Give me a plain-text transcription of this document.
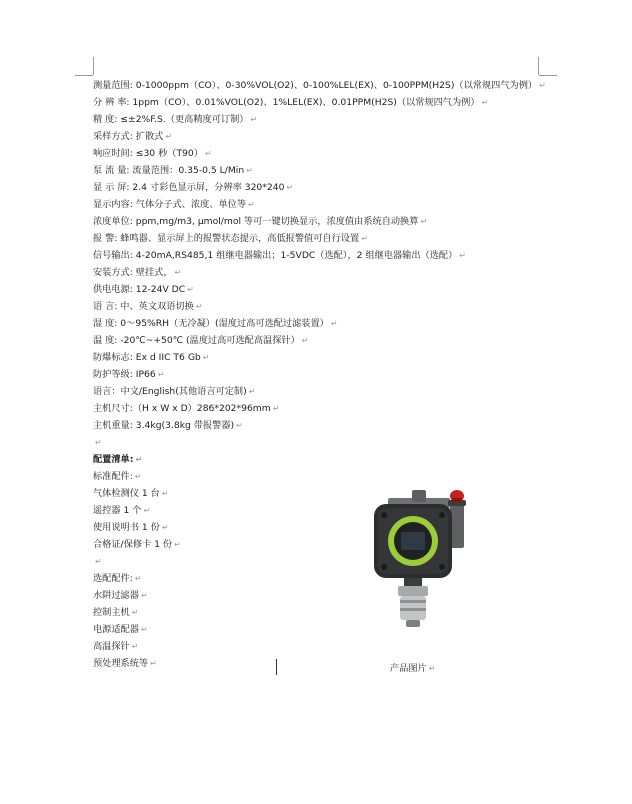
测量范围: 0-1000ppm（CO）、0-30%VOL(O2)、0-100%LEL(EX)、0-100PPM(H2S)（以常规四气为例） ↵
分 辨 率: 1ppm（CO）、0.01%VOL(O2)、1%LEL(EX)、0.01PPM(H2S)（以常规四气为例） ↵
精 度: ≤±2%F.S.（更高精度可订制） ↵
采样方式: 扩散式 ↵
响应时间: ≤30 秒（T90） ↵
泵 流 量: 流量范围：0.35-0.5 L/Min ↵
显 示 屏: 2.4 寸彩色显示屏，分辨率 320*240 ↵
显示内容: 气体分子式、浓度、单位等 ↵
浓度单位: ppm,mg/m3, μmol/mol 等可一键切换显示，浓度值由系统自动换算 ↵
报 警: 蜂鸣器、显示屏上的报警状态提示，高低报警值可自行设置 ↵
信号输出: 4-20mA,RS485,1 组继电器输出；1-5VDC（选配），2 组继电器输出（选配） ↵
安装方式: 壁挂式， ↵
供电电源: 12-24V DC ↵
语 言: 中、英文双语切换 ↵
湿 度: 0～95%RH（无冷凝）(湿度过高可选配过滤装置） ↵
温 度: -20℃~+50℃ (温度过高可选配高温探针） ↵
防爆标志: Ex d IIC T6 Gb ↵
防护等级: IP66 ↵
语言：中文/English(其他语言可定制) ↵
主机尺寸:（H x W x D）286*202*96mm ↵
主机重量: 3.4kg(3.8kg 带报警器) ↵
↵
配置清单: ↵
标准配件: ↵
气体检测仪 1 台 ↵
遥控器 1 个 ↵
使用说明书 1 份 ↵
合格证/保修卡 1 份 ↵
↵
选配配件: ↵
水阱过滤器 ↵
控制主机 ↵
电源适配器 ↵
高温探针 ↵
预处理系统等 ↵	产品图片 ↵
